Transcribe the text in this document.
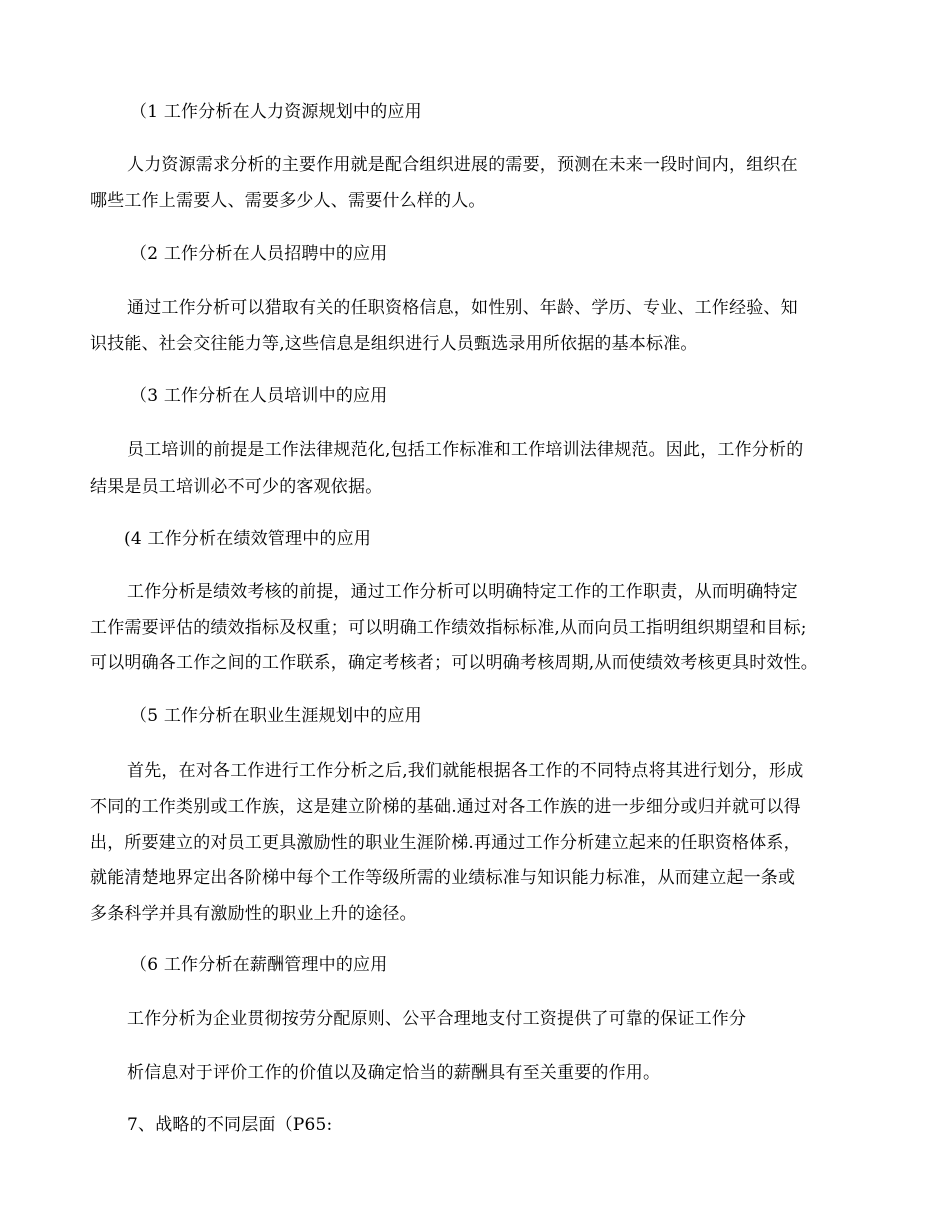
（1 工作分析在人力资源规划中的应用
人力资源需求分析的主要作用就是配合组织进展的需要，预测在未来一段时间内，组织在
哪些工作上需要人、需要多少人、需要什么样的人。
（2 工作分析在人员招聘中的应用
通过工作分析可以猎取有关的任职资格信息，如性别、年龄、学历、专业、工作经验、知
识技能、社会交往能力等,这些信息是组织进行人员甄选录用所依据的基本标准。
（3 工作分析在人员培训中的应用
员工培训的前提是工作法律规范化,包括工作标准和工作培训法律规范。因此，工作分析的
结果是员工培训必不可少的客观依据。
(4 工作分析在绩效管理中的应用
工作分析是绩效考核的前提，通过工作分析可以明确特定工作的工作职责，从而明确特定
工作需要评估的绩效指标及权重；可以明确工作绩效指标标准,从而向员工指明组织期望和目标;
可以明确各工作之间的工作联系，确定考核者；可以明确考核周期,从而使绩效考核更具时效性。
（5 工作分析在职业生涯规划中的应用
首先，在对各工作进行工作分析之后,我们就能根据各工作的不同特点将其进行划分，形成
不同的工作类别或工作族，这是建立阶梯的基础.通过对各工作族的进一步细分或归并就可以得
出，所要建立的对员工更具激励性的职业生涯阶梯.再通过工作分析建立起来的任职资格体系，
就能清楚地界定出各阶梯中每个工作等级所需的业绩标准与知识能力标准，从而建立起一条或
多条科学并具有激励性的职业上升的途径。
（6 工作分析在薪酬管理中的应用
工作分析为企业贯彻按劳分配原则、公平合理地支付工资提供了可靠的保证工作分
析信息对于评价工作的价值以及确定恰当的薪酬具有至关重要的作用。
7、战略的不同层面（P65:
